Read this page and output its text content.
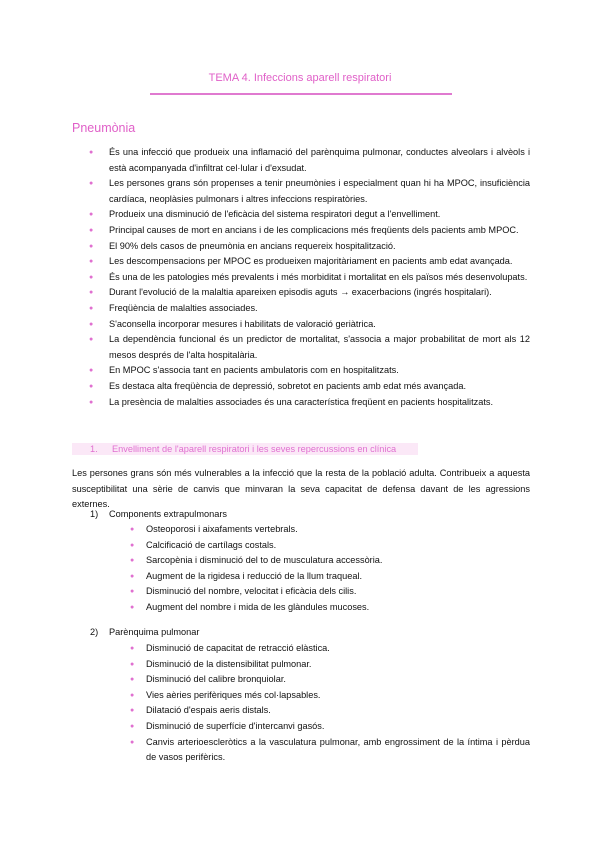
TEMA 4. Infeccions aparell respiratori
Pneumònia
● És una infecció que produeix una inflamació del parènquima pulmonar, conductes alveolars i alvèols i està acompanyada d'infiltrat cel·lular i d'exsudat.
● Les persones grans són propenses a tenir pneumònies i especialment quan hi ha MPOC, insuficiència cardíaca, neoplàsies pulmonars i altres infeccions respiratòries.
● Produeix una disminució de l'eficàcia del sistema respiratori degut a l'envelliment.
● Principal causes de mort en ancians i de les complicacions més freqüents dels pacients amb MPOC.
● El 90% dels casos de pneumònia en ancians requereix hospitalització.
● Les descompensacions per MPOC es produeixen majoritàriament en pacients amb edat avançada.
● És una de les patologies més prevalents i més morbiditat i mortalitat en els països més desenvolupats.
● Durant l'evolució de la malaltia apareixen episodis aguts → exacerbacions (ingrés hospitalari).
● Freqüència de malalties associades.
● S'aconsella incorporar mesures i habilitats de valoració geriàtrica.
● La dependència funcional és un predictor de mortalitat, s'associa a major probabilitat de mort als 12 mesos després de l'alta hospitalària.
● En MPOC s'associa tant en pacients ambulatoris com en hospitalitzats.
● Es destaca alta freqüència de depressió, sobretot en pacients amb edat més avançada.
● La presència de malalties associades és una característica freqüent en pacients hospitalitzats.
1. Envelliment de l'aparell respiratori i les seves repercussions en clínica
Les persones grans són més vulnerables a la infecció que la resta de la població adulta. Contribueix a aquesta susceptibilitat una sèrie de canvis que minvaran la seva capacitat de defensa davant de les agressions externes.
1) Components extrapulmonars
● Osteoporosi i aixafaments vertebrals.
● Calcificació de cartílags costals.
● Sarcopènia i disminució del to de musculatura accessòria.
● Augment de la rigidesa i reducció de la llum traqueal.
● Disminució del nombre, velocitat i eficàcia dels cilis.
● Augment del nombre i mida de les glàndules mucoses.
2) Parènquima pulmonar
● Disminució de capacitat de retracció elàstica.
● Disminució de la distensibilitat pulmonar.
● Disminució del calibre bronquiolar.
● Vies aèries perifèriques més col·lapsables.
● Dilatació d'espais aeris distals.
● Disminució de superfície d'intercanvi gasós.
● Canvis arterioescleròtics a la vasculatura pulmonar, amb engrossiment de la íntima i pèrdua de vasos perifèrics.
